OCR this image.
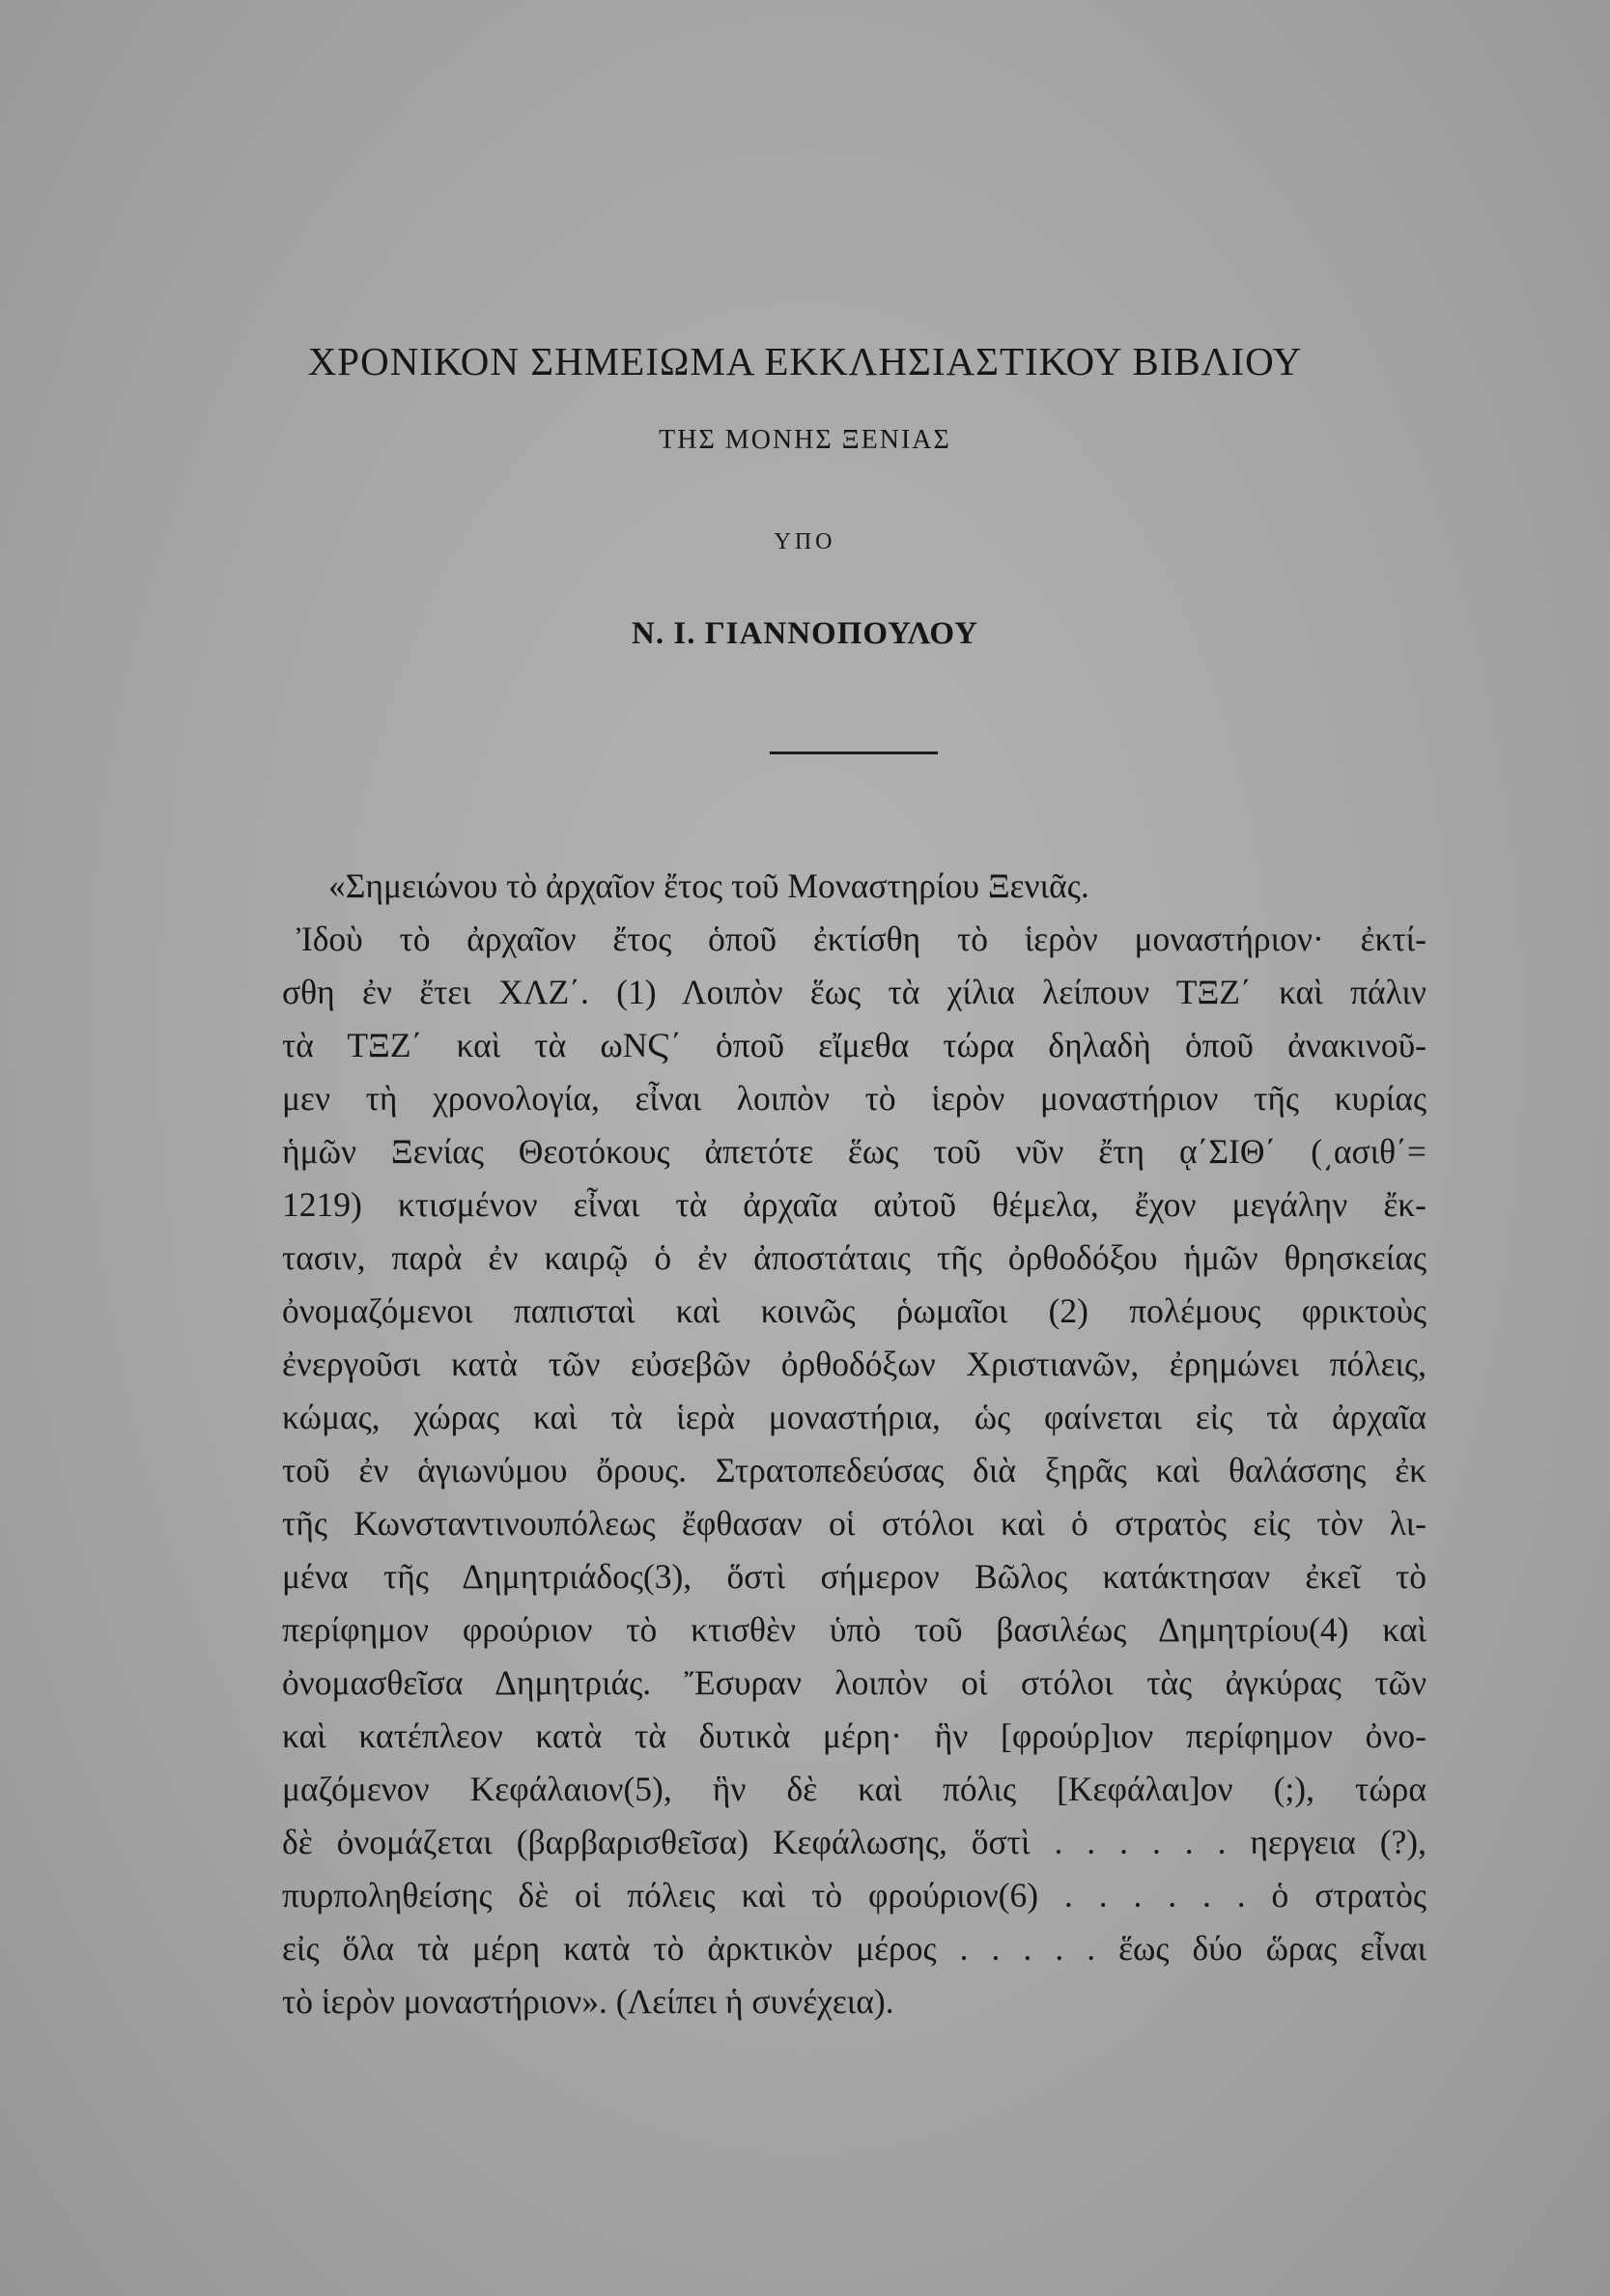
ΧΡΟΝΙΚΟΝ ΣΗΜΕΙΩΜΑ ΕΚΚΛΗΣΙΑΣΤΙΚΟΥ ΒΙΒΛΙΟΥ
ΤΗΣ ΜΟΝΗΣ ΞΕΝΙΑΣ
ΥΠΟ
Ν. Ι. ΓΙΑΝΝΟΠΟΥΛΟΥ
«Σημειώνου τὸ ἀρχαῖον ἔτος τοῦ Μοναστηρίου Ξενιᾶς.
Ἰδοὺ τὸ ἀρχαῖον ἔτος ὁποῦ ἐκτίσθη τὸ ἱερὸν μοναστήριον· ἐκτί-
σθη ἐν ἔτει ΧΛΖ΄. (1) Λοιπὸν ἕως τὰ χίλια λείπουν ΤΞΖ΄ καὶ πάλιν
τὰ ΤΞΖ΄ καὶ τὰ ωΝϚ΄ ὁποῦ εἴμεθα τώρα δηλαδὴ ὁποῦ ἀνακινοῦ-
μεν τὴ χρονολογία, εἶναι λοιπὸν τὸ ἱερὸν μοναστήριον τῆς κυρίας
ἡμῶν Ξενίας Θεοτόκους ἀπετότε ἕως τοῦ νῦν ἔτη ᾳ΄ΣΙΘ΄ (͵ασιθ΄=
1219) κτισμένον εἶναι τὰ ἀρχαῖα αὐτοῦ θέμελα, ἔχον μεγάλην ἔκ-
τασιν, παρὰ ἐν καιρῷ ὁ ἐν ἀποστάταις τῆς ὀρθοδόξου ἡμῶν θρησκείας
ὀνομαζόμενοι παπισταὶ καὶ κοινῶς ῥωμαῖοι (2) πολέμους φρικτοὺς
ἐνεργοῦσι κατὰ τῶν εὐσεβῶν ὀρθοδόξων Χριστιανῶν, ἐρημώνει πόλεις,
κώμας, χώρας καὶ τὰ ἱερὰ μοναστήρια, ὡς φαίνεται εἰς τὰ ἀρχαῖα
τοῦ ἐν ἁγιωνύμου ὄρους. Στρατοπεδεύσας διὰ ξηρᾶς καὶ θαλάσσης ἐκ
τῆς Κωνσταντινουπόλεως ἔφθασαν οἱ στόλοι καὶ ὁ στρατὸς εἰς τὸν λι-
μένα τῆς Δημητριάδος(3), ὅστὶ σήμερον Βῶλος κατάκτησαν ἐκεῖ τὸ
περίφημον φρούριον τὸ κτισθὲν ὑπὸ τοῦ βασιλέως Δημητρίου(4) καὶ
ὀνομασθεῖσα Δημητριάς. Ἔσυραν λοιπὸν οἱ στόλοι τὰς ἀγκύρας τῶν
καὶ κατέπλεον κατὰ τὰ δυτικὰ μέρη· ἣν [φρούρ]ιον περίφημον ὀνο-
μαζόμενον Κεφάλαιον(5), ἣν δὲ καὶ πόλις [Κεφάλαι]ον (;), τώρα
δὲ ὀνομάζεται (βαρβαρισθεῖσα) Κεφάλωσης, ὅστὶ . . . . . . ηεργεια (?),
πυρποληθείσης δὲ οἱ πόλεις καὶ τὸ φρούριον(6) . . . . . . ὁ στρατὸς
εἰς ὅλα τὰ μέρη κατὰ τὸ ἀρκτικὸν μέρος . . . . . ἕως δύο ὥρας εἶναι
τὸ ἱερὸν μοναστήριον». (Λείπει ἡ συνέχεια).
